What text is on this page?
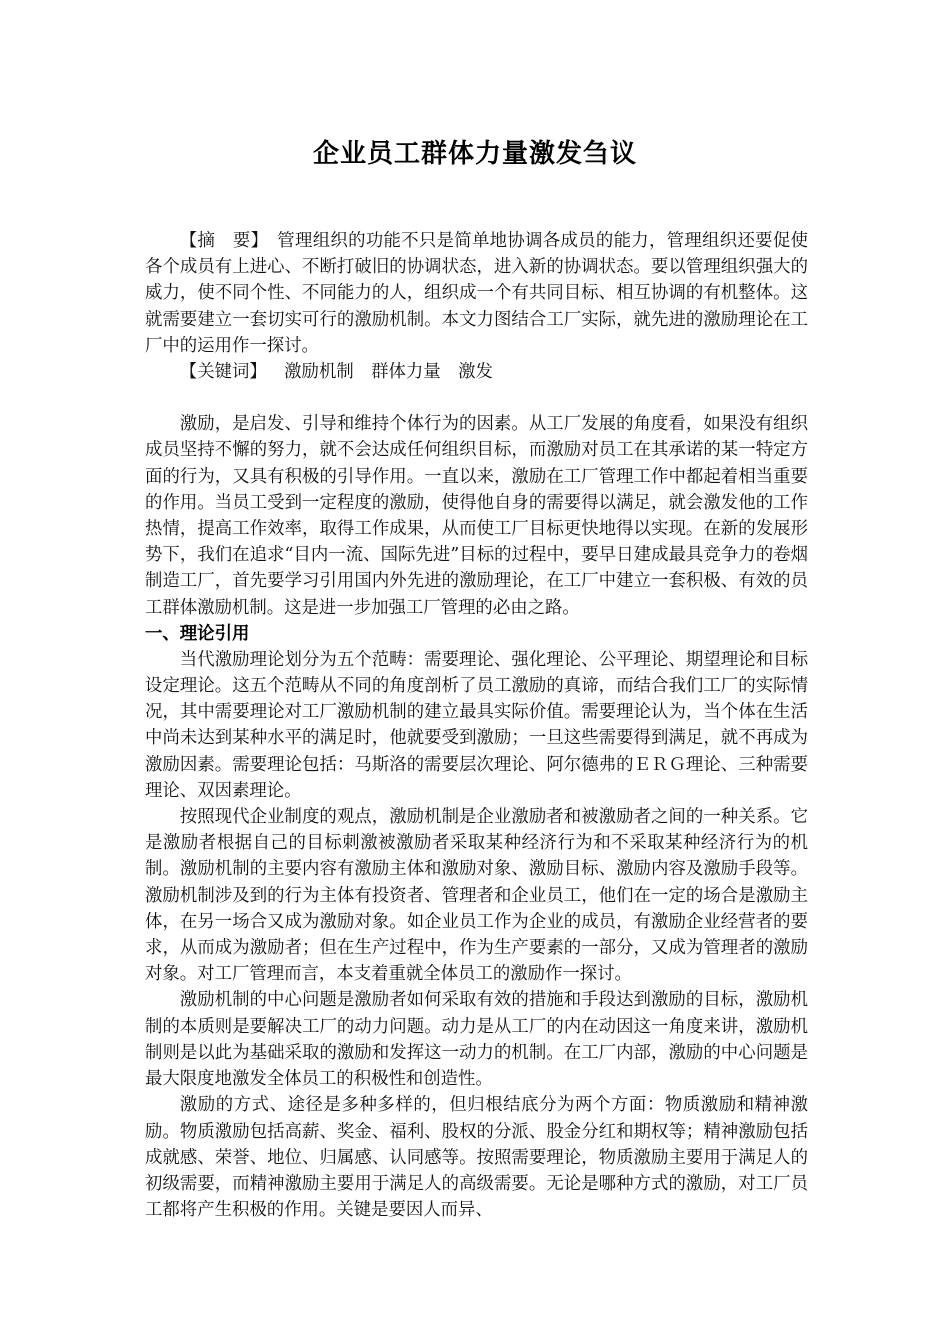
企业员工群体力量激发刍议

【摘　要】　 管理组织的功能不只是简单地协调各成员的能力，管理组织还要促使各个成员有上进心、不断打破旧的协调状态，进入新的协调状态。要以管理组织强大的威力，使不同个性、不同能力的人，组织成一个有共同目标、相互协调的有机整体。这就需要建立一套切实可行的激励机制。本文力图结合工厂实际，就先进的激励理论在工厂中的运用作一探讨。

【关键词】 激励机制 群体力量 激发

激励，是启发、引导和维持个体行为的因素。从工厂发展的角度看，如果没有组织成员坚持不懈的努力，就不会达成任何组织目标，而激励对员工在其承诺的某一特定方面的行为，又具有积极的引导作用。一直以来，激励在工厂管理工作中都起着相当重要的作用。当员工受到一定程度的激励，使得他自身的需要得以满足，就会激发他的工作热情，提高工作效率，取得工作成果，从而使工厂目标更快地得以实现。在新的发展形势下，我们在追求“目内一流、国际先进”目标的过程中，要早日建成最具竞争力的卷烟制造工厂，首先要学习引用国内外先进的激励理论，在工厂中建立一套积极、有效的员工群体激励机制。这是进一步加强工厂管理的必由之路。

一、理论引用

当代激励理论划分为五个范畴：需要理论、强化理论、公平理论、期望理论和目标设定理论。这五个范畴从不同的角度剖析了员工激励的真谛，而结合我们工厂的实际情况，其中需要理论对工厂激励机制的建立最具实际价值。需要理论认为，当个体在生活中尚未达到某种水平的满足时，他就要受到激励；一旦这些需要得到满足，就不再成为激励因素。需要理论包括：马斯洛的需要层次理论、阿尔德弗的ＥＲＧ理论、三种需要理论、双因素理论。

按照现代企业制度的观点，激励机制是企业激励者和被激励者之间的一种关系。它是激励者根据自己的目标刺激被激励者采取某种经济行为和不采取某种经济行为的机制。激励机制的主要内容有激励主体和激励对象、激励目标、激励内容及激励手段等。激励机制涉及到的行为主体有投资者、管理者和企业员工，他们在一定的场合是激励主体，在另一场合又成为激励对象。如企业员工作为企业的成员，有激励企业经营者的要求，从而成为激励者；但在生产过程中，作为生产要素的一部分，又成为管理者的激励对象。对工厂管理而言，本支着重就全体员工的激励作一探讨。

激励机制的中心问题是激励者如何采取有效的措施和手段达到激励的目标，激励机制的本质则是要解决工厂的动力问题。动力是从工厂的内在动因这一角度来讲，激励机制则是以此为基础采取的激励和发挥这一动力的机制。在工厂内部，激励的中心问题是最大限度地激发全体员工的积极性和创造性。

激励的方式、途径是多种多样的，但归根结底分为两个方面：物质激励和精神激励。物质激励包括高薪、奖金、福利、股权的分派、股金分红和期权等；精神激励包括成就感、荣誉、地位、归属感、认同感等。按照需要理论，物质激励主要用于满足人的初级需要，而精神激励主要用于满足人的高级需要。无论是哪种方式的激励，对工厂员工都将产生积极的作用。关键是要因人而异、
